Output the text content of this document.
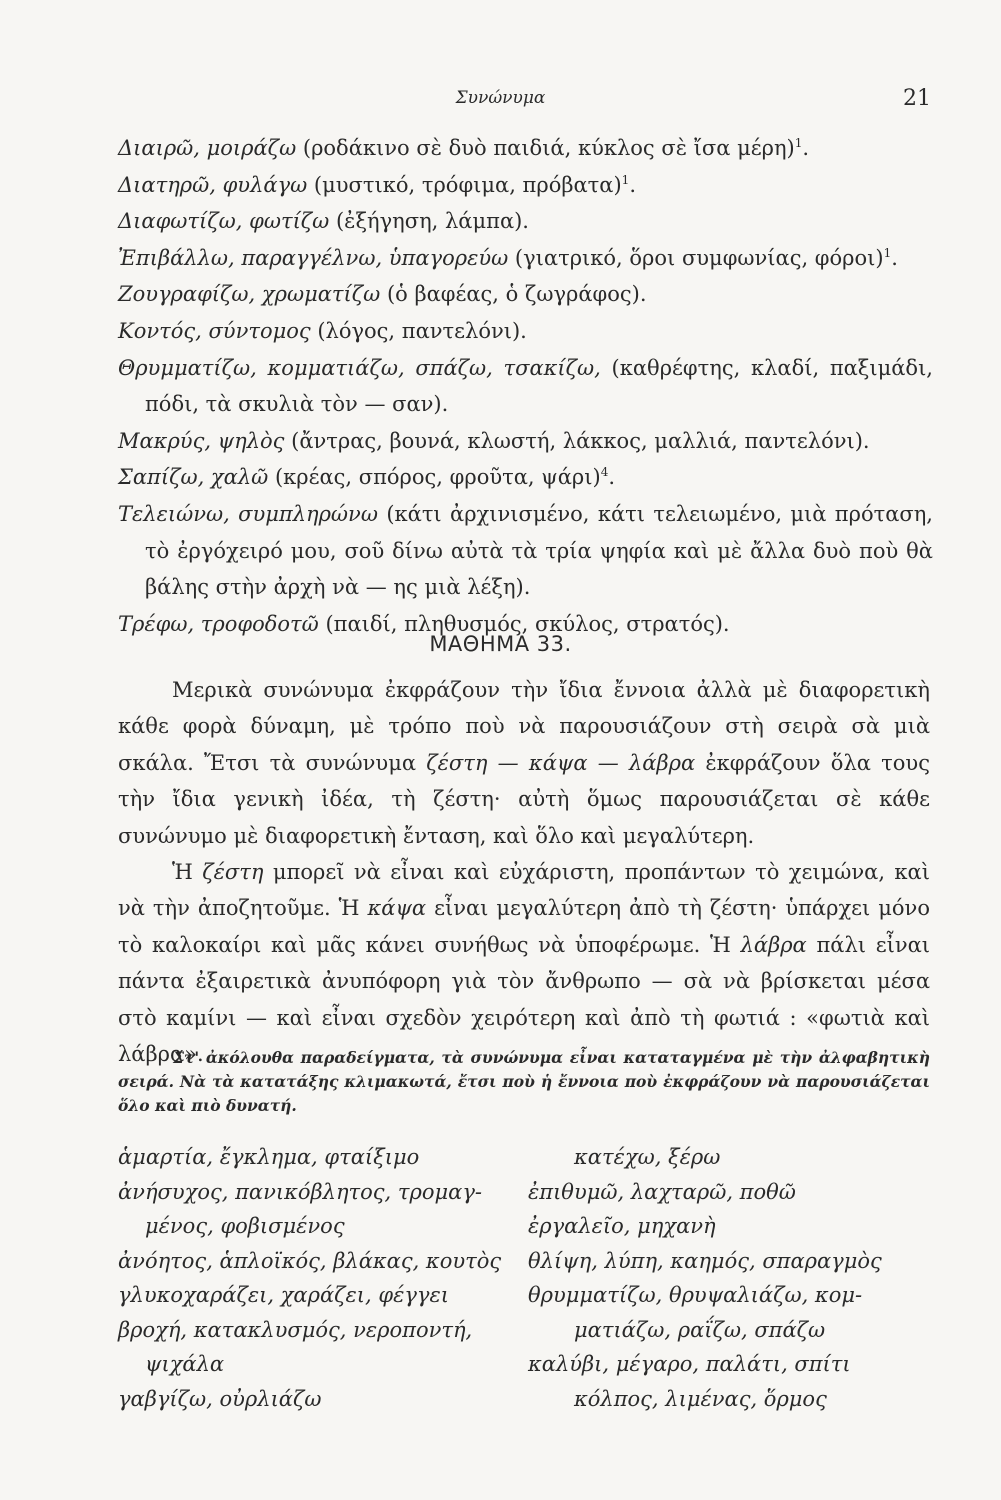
Συνώνυμα	21

Διαιρῶ, μοιράζω (ροδάκινο σὲ δυὸ παιδιά, κύκλος σὲ ἴσα μέρη)$^1$.

Διατηρῶ, φυλάγω (μυστικό, τρόφιμα, πρόβατα)$^1$.

Διαφωτίζω, φωτίζω (ἐξήγηση, λάμπα).

Ἐπιβάλλω, παραγγέλνω, ὑπαγορεύω (γιατρικό, ὅροι συμφωνίας, φόροι)$^1$.

Ζουγραφίζω, χρωματίζω (ὁ βαφέας, ὁ ζωγράφος).

Κοντός, σύντομος (λόγος, παντελόνι).

Θρυμματίζω, κομματιάζω, σπάζω, τσακίζω, (καθρέφτης, κλαδί, παξιμάδι, πόδι, τὰ σκυλιὰ τὸν — σαν).

Μακρύς, ψηλὸς (ἄντρας, βουνά, κλωστή, λάκκος, μαλλιά, παντελόνι).

Σαπίζω, χαλῶ (κρέας, σπόρος, φροῦτα, ψάρι)$^4$.

Τελειώνω, συμπληρώνω (κάτι ἀρχινισμένο, κάτι τελειωμένο, μιὰ πρόταση, τὸ ἐργόχειρό μου, σοῦ δίνω αὐτὰ τὰ τρία ψηφία καὶ μὲ ἄλλα δυὸ ποὺ θὰ βάλης στὴν ἀρχὴ νὰ — ης μιὰ λέξη).

Τρέφω, τροφοδοτῶ (παιδί, πληθυσμός, σκύλος, στρατός).

ΜΑΘΗΜΑ 33.

Μερικὰ συνώνυμα ἐκφράζουν τὴν ἴδια ἔννοια ἀλλὰ μὲ διαφορετικὴ κάθε φορὰ δύναμη, μὲ τρόπο ποὺ νὰ παρουσιάζουν στὴ σειρὰ σὰ μιὰ σκάλα. Ἔτσι τὰ συνώνυμα ζέστη — κάψα — λάβρα ἐκφράζουν ὅλα τους τὴν ἴδια γενικὴ ἰδέα, τὴ ζέστη· αὐτὴ ὅμως παρουσιάζεται σὲ κάθε συνώνυμο μὲ διαφορετικὴ ἔνταση, καὶ ὅλο καὶ μεγαλύτερη.

Ἡ ζέστη μπορεῖ νὰ εἶναι καὶ εὐχάριστη, προπάντων τὸ χειμώνα, καὶ νὰ τὴν ἀποζητοῦμε. Ἡ κάψα εἶναι μεγαλύτερη ἀπὸ τὴ ζέστη· ὑπάρχει μόνο τὸ καλοκαίρι καὶ μᾶς κάνει συνήθως νὰ ὑποφέρωμε. Ἡ λάβρα πάλι εἶναι πάντα ἐξαιρετικὰ ἀνυπόφορη γιὰ τὸν ἄνθρωπο — σὰ νὰ βρίσκεται μέσα στὸ καμίνι — καὶ εἶναι σχεδὸν χειρότερη καὶ ἀπὸ τὴ φωτιά : «φωτιὰ καὶ λάβρα».

Στ' ἀκόλουθα παραδείγματα, τὰ συνώνυμα εἶναι καταταγμένα μὲ τὴν ἀλφαβητικὴ σειρά. Νὰ τὰ κατατάξης κλιμακωτά, ἔτσι ποὺ ἡ ἔννοια ποὺ ἐκφράζουν νὰ παρουσιάζεται ὅλο καὶ πιὸ δυνατή.

ἁμαρτία, ἔγκλημα, φταίξιμο
ἀνήσυχος, πανικόβλητος, τρομαγ-
μένος, φοβισμένος
ἀνόητος, ἁπλοϊκός, βλάκας, κουτὸς
γλυκοχαράζει, χαράζει, φέγγει
βροχή, κατακλυσμός, νεροποντή,
ψιχάλα
γαβγίζω, οὐρλιάζω
κατέχω, ξέρω
ἐπιθυμῶ, λαχταρῶ, ποθῶ
ἐργαλεῖο, μηχανὴ
θλίψη, λύπη, καημός, σπαραγμὸς
θρυμματίζω, θρυψαλιάζω, κομ-
ματιάζω, ραΐζω, σπάζω
καλύβι, μέγαρο, παλάτι, σπίτι
κόλπος, λιμένας, ὅρμος
